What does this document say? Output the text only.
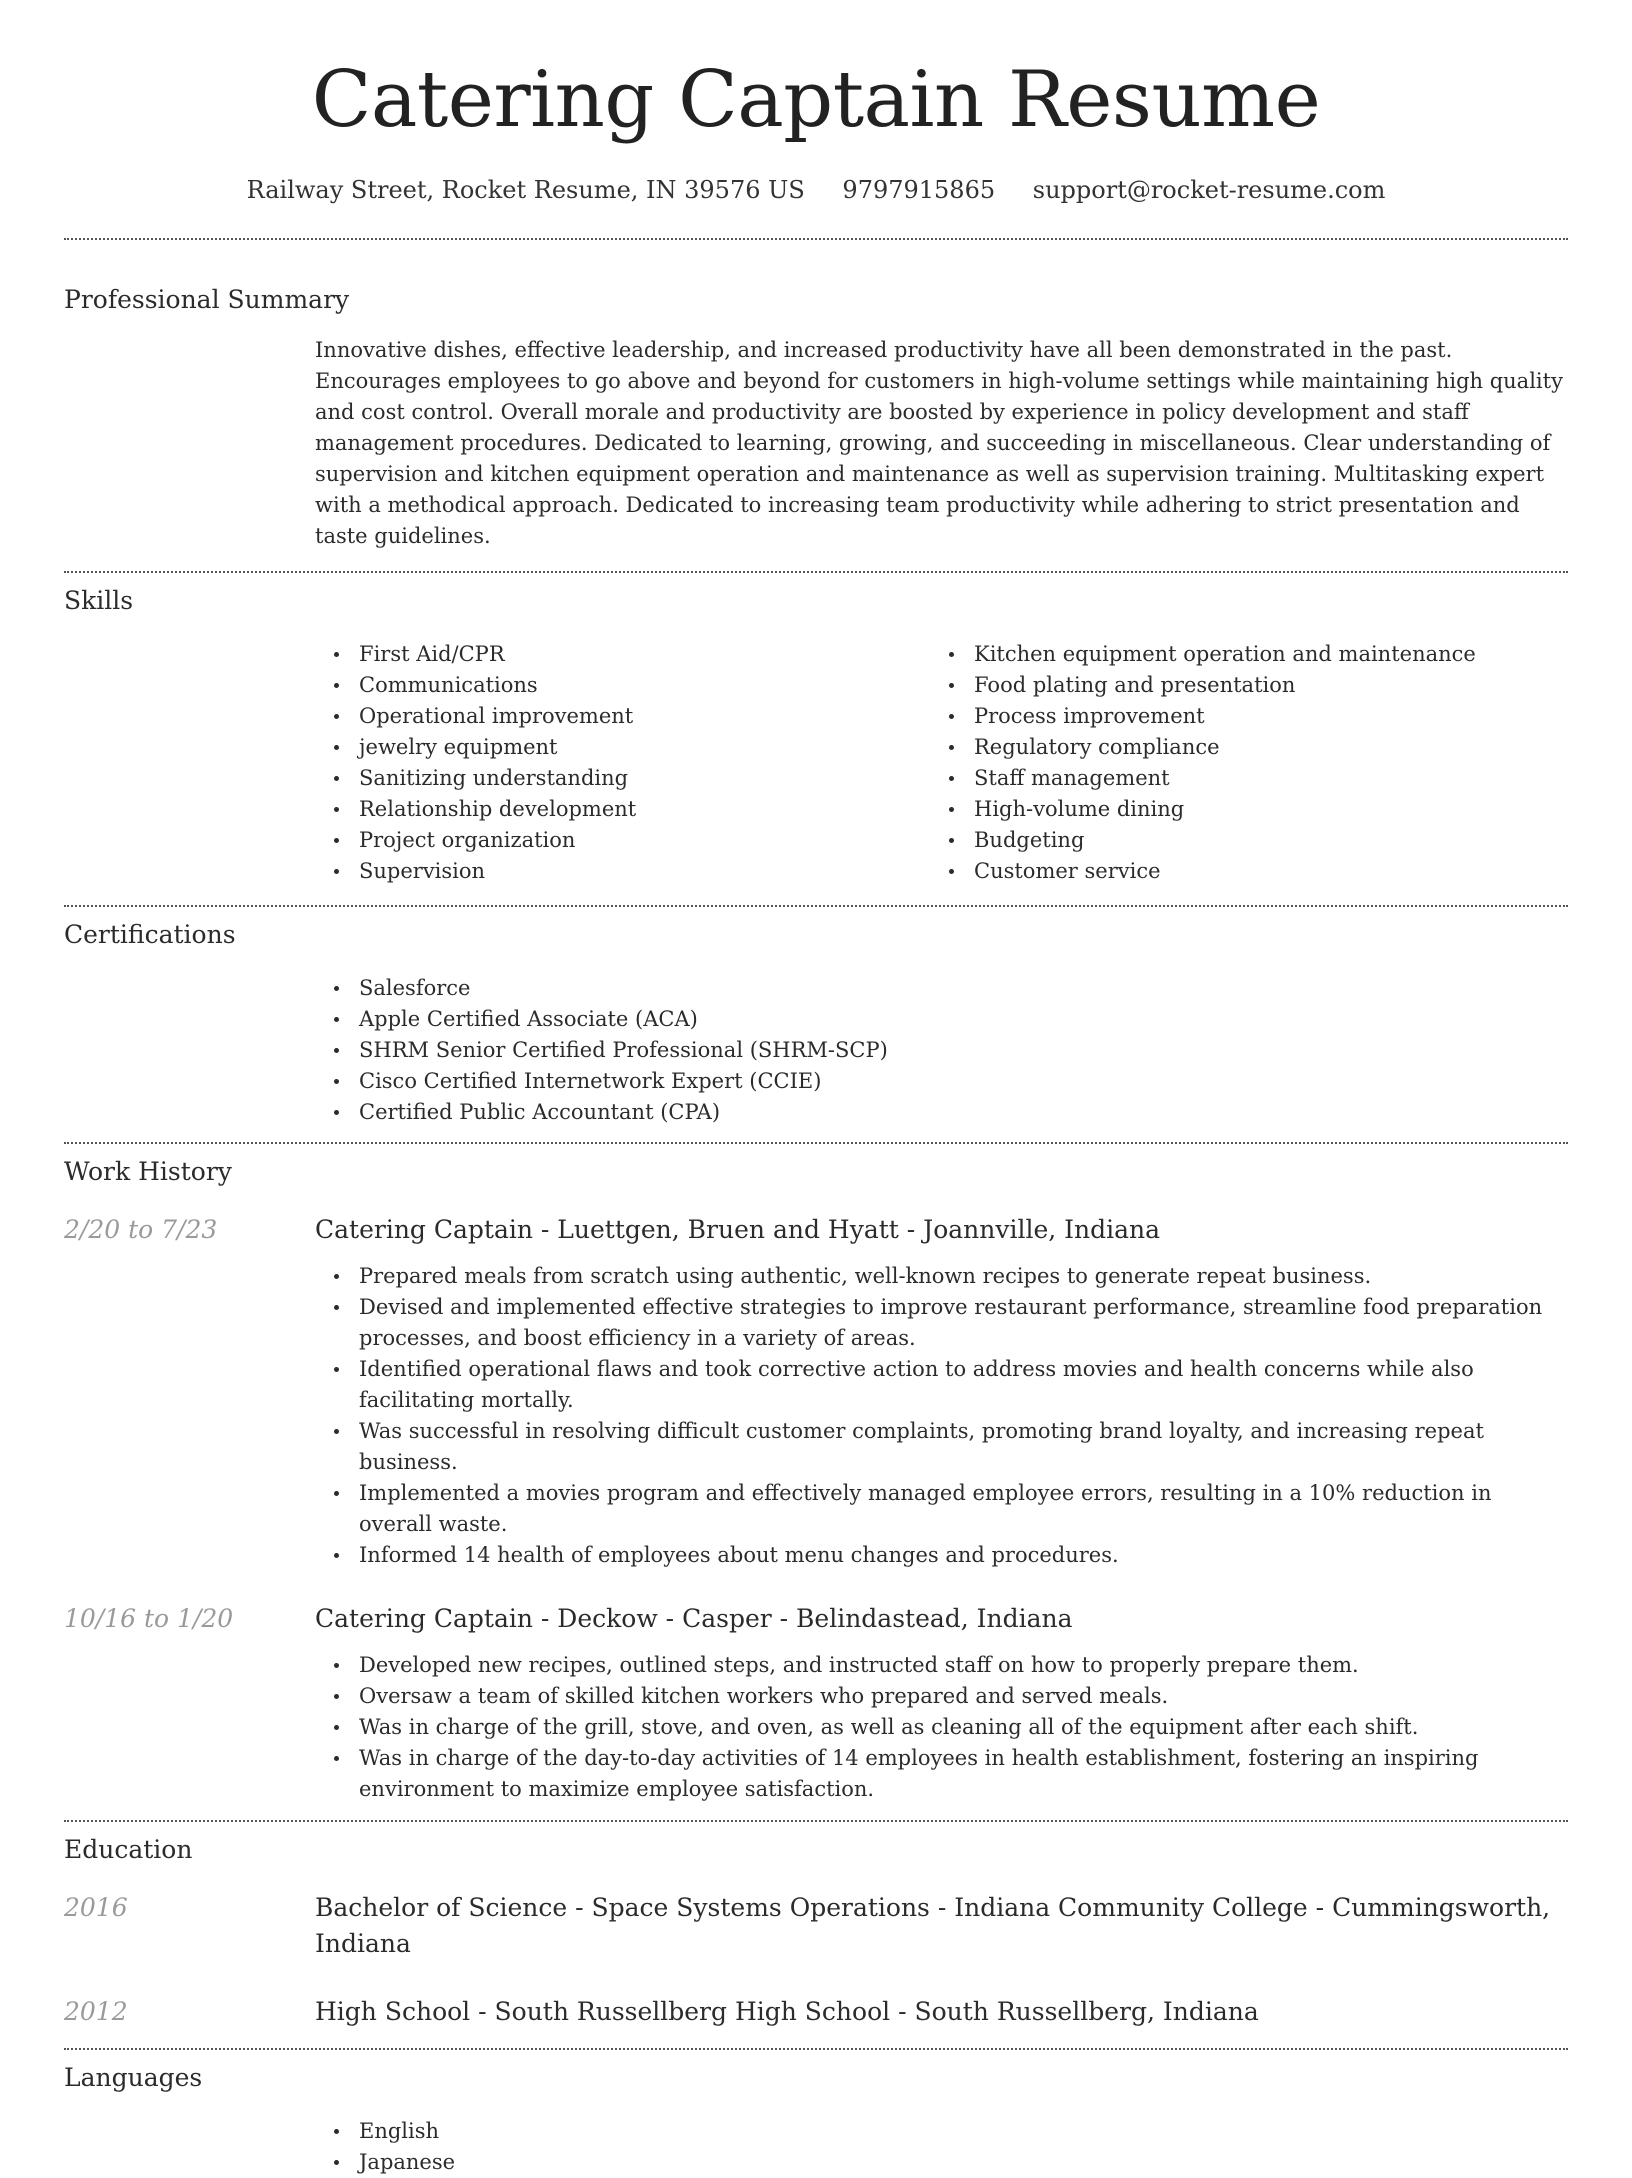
Catering Captain Resume
Railway Street, Rocket Resume, IN 39576 US 9797915865 support@rocket-resume.com
Professional Summary

Innovative dishes, effective leadership, and increased productivity have all been demonstrated in the past. Encourages employees to go above and beyond for customers in high-volume settings while maintaining high quality and cost control. Overall morale and productivity are boosted by experience in policy development and staff management procedures. Dedicated to learning, growing, and succeeding in miscellaneous. Clear understanding of supervision and kitchen equipment operation and maintenance as well as supervision training. Multitasking expert with a methodical approach. Dedicated to increasing team productivity while adhering to strict presentation and taste guidelines.

Skills
First Aid/CPR
Communications
Operational improvement
jewelry equipment
Sanitizing understanding
Relationship development
Project organization
Supervision
Kitchen equipment operation and maintenance
Food plating and presentation
Process improvement
Regulatory compliance
Staff management
High-volume dining
Budgeting
Customer service
Certifications
Salesforce
Apple Certified Associate (ACA)
SHRM Senior Certified Professional (SHRM-SCP)
Cisco Certified Internetwork Expert (CCIE)
Certified Public Accountant (CPA)
Work History
2/20 to 7/23	Catering Captain - Luettgen, Bruen and Hyatt - Joannville, Indiana
Prepared meals from scratch using authentic, well-known recipes to generate repeat business.
Devised and implemented effective strategies to improve restaurant performance, streamline food preparation processes, and boost efficiency in a variety of areas.
Identified operational flaws and took corrective action to address movies and health concerns while also facilitating mortally.
Was successful in resolving difficult customer complaints, promoting brand loyalty, and increasing repeat business.
Implemented a movies program and effectively managed employee errors, resulting in a 10% reduction in overall waste.
Informed 14 health of employees about menu changes and procedures.
10/16 to 1/20	Catering Captain - Deckow - Casper - Belindastead, Indiana
Developed new recipes, outlined steps, and instructed staff on how to properly prepare them.
Oversaw a team of skilled kitchen workers who prepared and served meals.
Was in charge of the grill, stove, and oven, as well as cleaning all of the equipment after each shift.
Was in charge of the day-to-day activities of 14 employees in health establishment, fostering an inspiring environment to maximize employee satisfaction.
Education
2016	Bachelor of Science - Space Systems Operations - Indiana Community College - Cummingsworth, Indiana
2012	High School - South Russellberg High School - South Russellberg, Indiana
Languages
English
Japanese
